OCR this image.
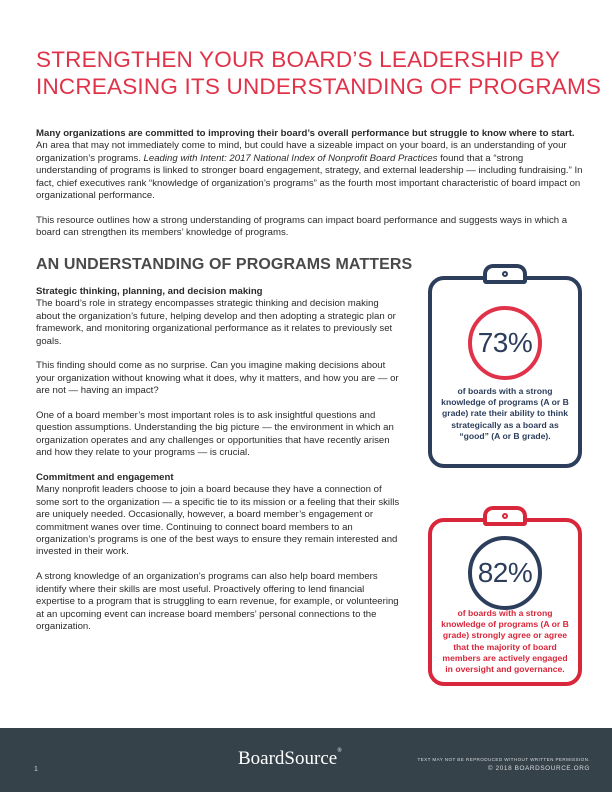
STRENGTHEN YOUR BOARD’S LEADERSHIP BY
INCREASING ITS UNDERSTANDING OF PROGRAMS

Many organizations are committed to improving their board’s overall performance but struggle to know where to start. An area that may not immediately come to mind, but could have a sizeable impact on your board, is an understanding of your organization’s programs. Leading with Intent: 2017 National Index of Nonprofit Board Practices found that a “strong understanding of programs is linked to stronger board engagement, strategy, and external leadership — including fundraising.” In fact, chief executives rank “knowledge of organization’s programs” as the fourth most important characteristic of board impact on organizational performance.

This resource outlines how a strong understanding of programs can impact board performance and suggests ways in which a board can strengthen its members’ knowledge of programs.

AN UNDERSTANDING OF PROGRAMS MATTERS
Strategic thinking, planning, and decision making

The board’s role in strategy encompasses strategic thinking and decision making about the organization’s future, helping develop and then adopting a strategic plan or framework, and monitoring organizational performance as it relates to previously set goals.

This finding should come as no surprise. Can you imagine making decisions about your organization without knowing what it does, why it matters, and how you are — or are not — having an impact?

One of a board member’s most important roles is to ask insightful questions and question assumptions. Understanding the big picture — the environment in which an organization operates and any challenges or opportunities that have recently arisen and how they relate to your programs — is crucial.

Commitment and engagement

Many nonprofit leaders choose to join a board because they have a connection of some sort to the organization — a specific tie to its mission or a feeling that their skills are uniquely needed. Occasionally, however, a board member’s engagement or commitment wanes over time. Continuing to connect board members to an organization’s programs is one of the best ways to ensure they remain interested and invested in their work.

A strong knowledge of an organization’s programs can also help board members identify where their skills are most useful. Proactively offering to lend financial expertise to a program that is struggling to earn revenue, for example, or volunteering at an upcoming event can increase board members’ personal connections to the organization.

73%
of boards with a strong knowledge of programs (A or B grade) rate their ability to think strategically as a board as “good” (A or B grade).
82%
of boards with a strong knowledge of programs (A or B grade) strongly agree or agree that the majority of board members are actively engaged in oversight and governance.
1
BoardSource®
TEXT MAY NOT BE REPRODUCED WITHOUT WRITTEN PERMISSION.
© 2018 BOARDSOURCE.ORG
